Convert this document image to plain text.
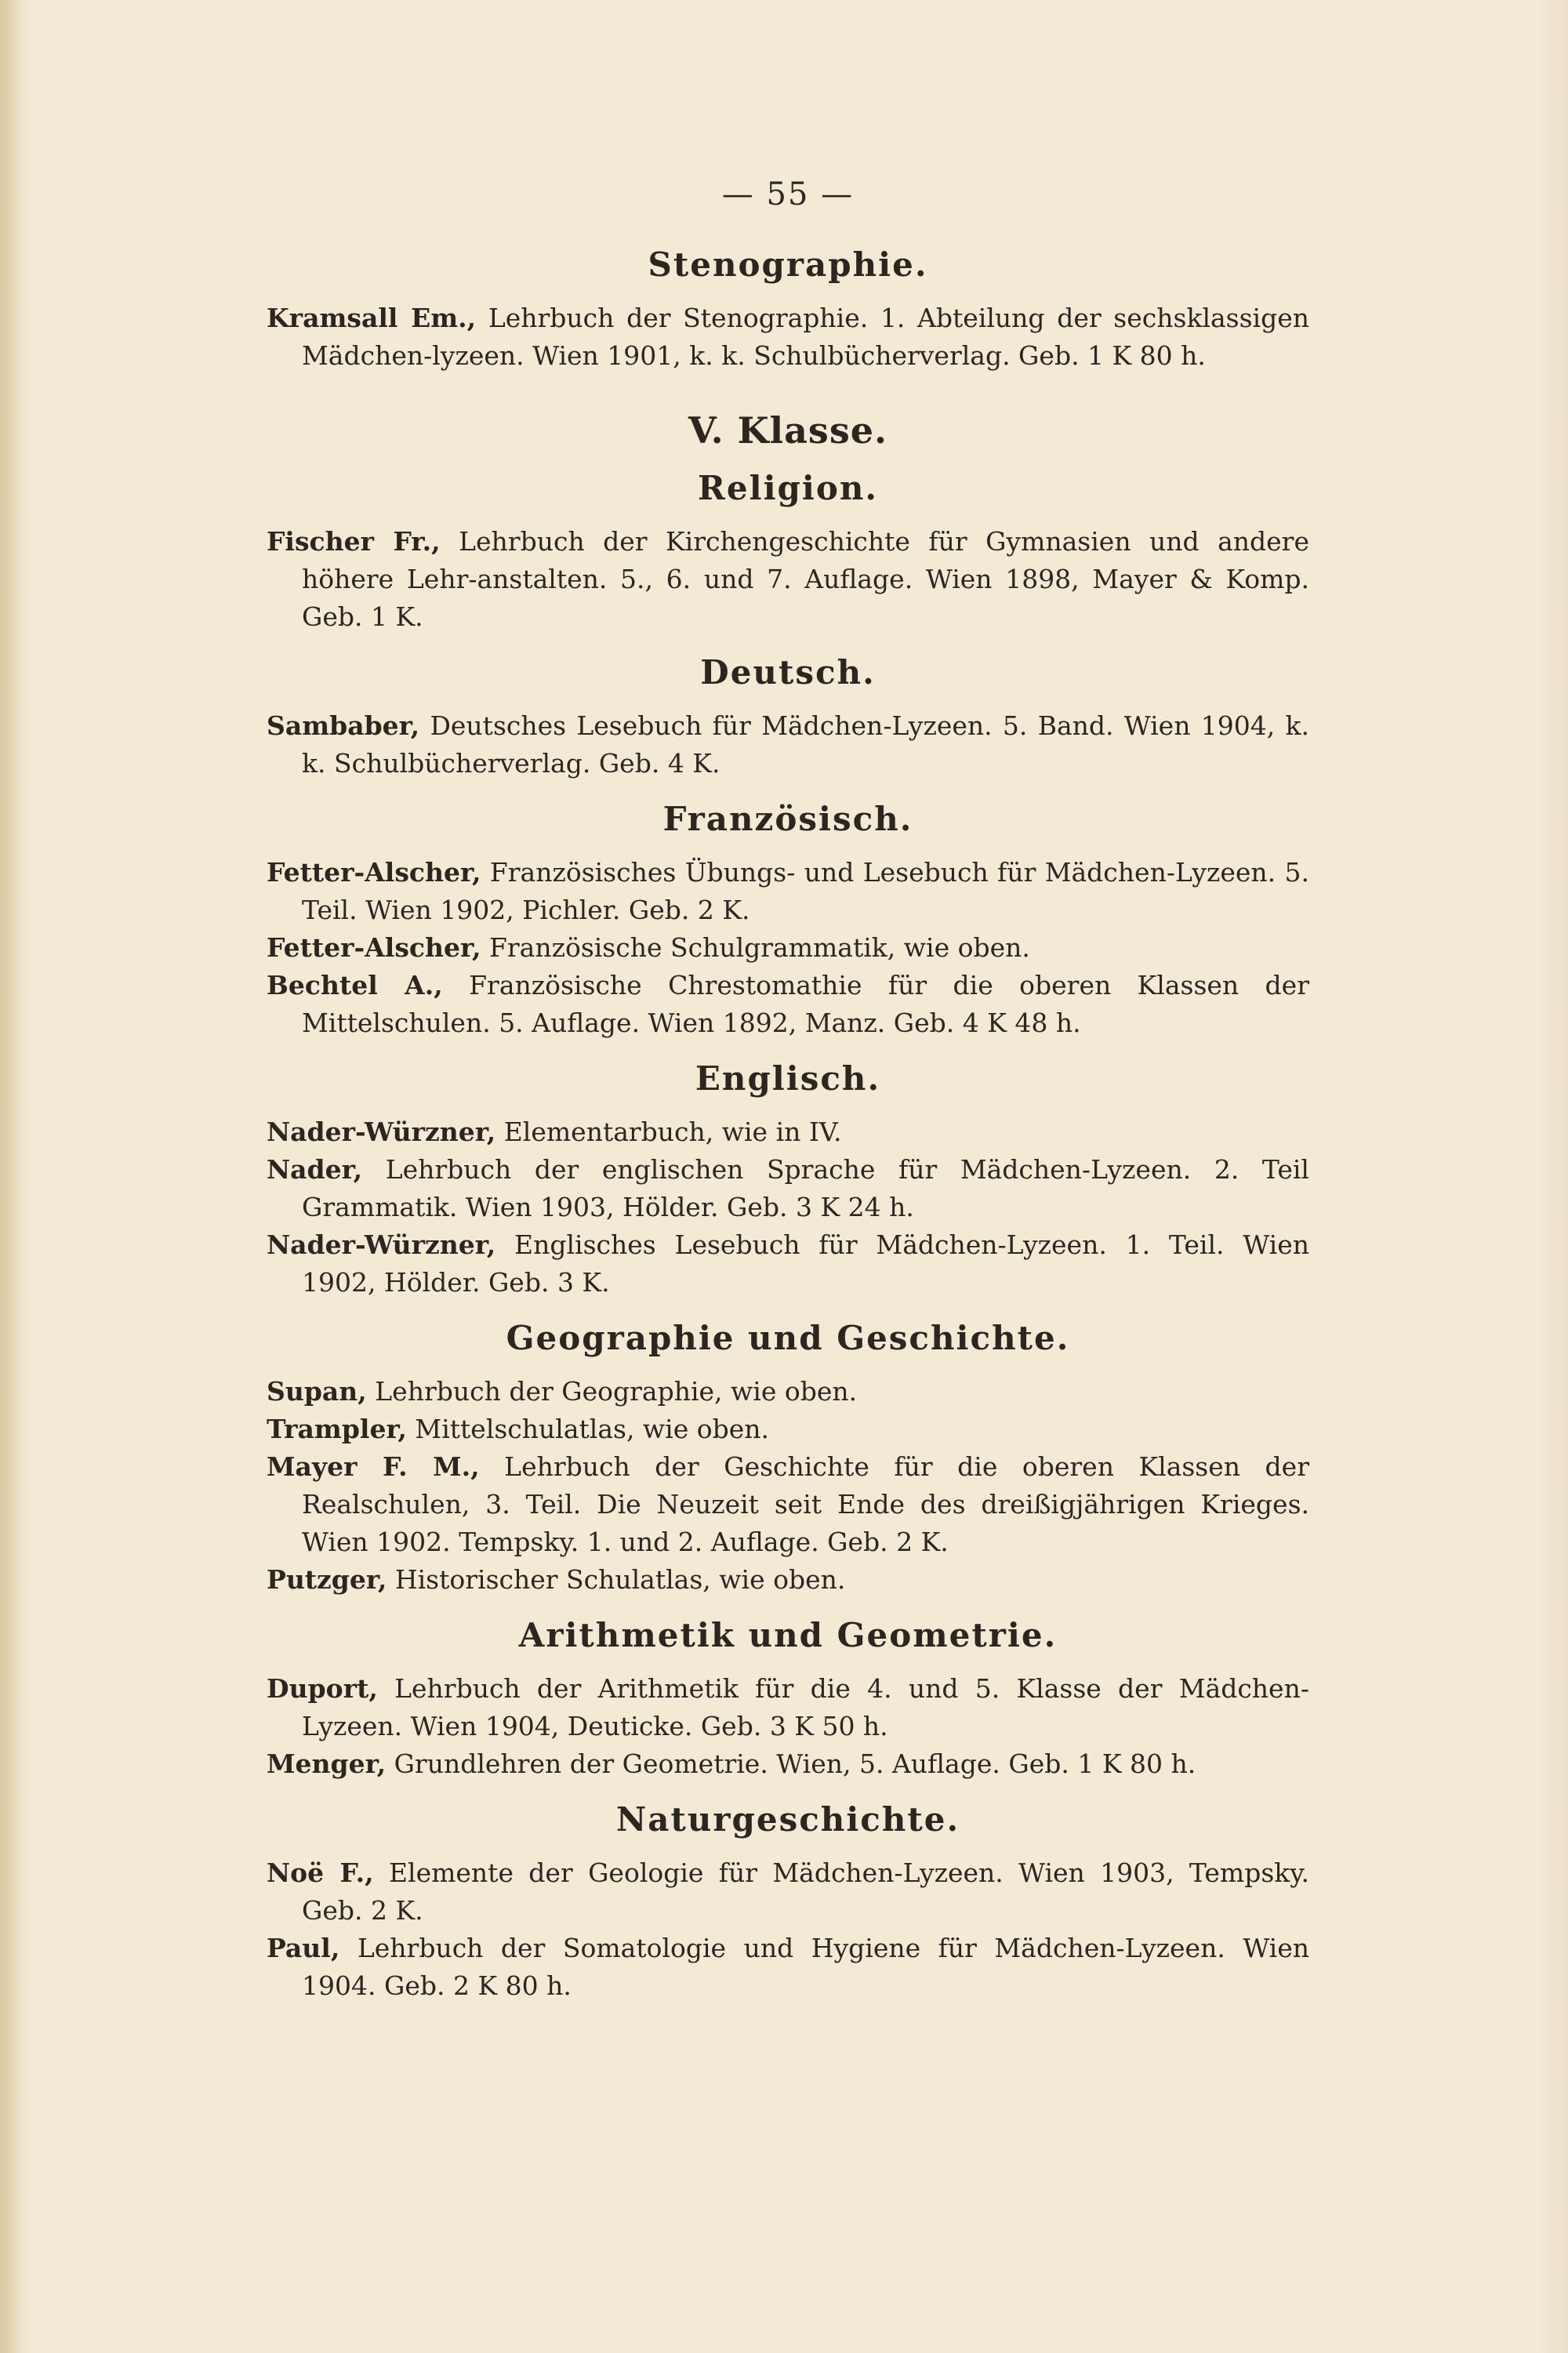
— 55 —
Stenographie.

Kramsall Em., Lehrbuch der Stenographie. 1. Abteilung der sechsklassigen Mädchen-lyzeen. Wien 1901, k. k. Schulbücherverlag. Geb. 1 K 80 h.

V. Klasse.
Religion.

Fischer Fr., Lehrbuch der Kirchengeschichte für Gymnasien und andere höhere Lehr-anstalten. 5., 6. und 7. Auflage. Wien 1898, Mayer & Komp. Geb. 1 K.

Deutsch.

Sambaber, Deutsches Lesebuch für Mädchen-Lyzeen. 5. Band. Wien 1904, k. k. Schulbücherverlag. Geb. 4 K.

Französisch.

Fetter-Alscher, Französisches Übungs- und Lesebuch für Mädchen-Lyzeen. 5. Teil. Wien 1902, Pichler. Geb. 2 K.

Fetter-Alscher, Französische Schulgrammatik, wie oben.

Bechtel A., Französische Chrestomathie für die oberen Klassen der Mittelschulen. 5. Auflage. Wien 1892, Manz. Geb. 4 K 48 h.

Englisch.

Nader-Würzner, Elementarbuch, wie in IV.

Nader, Lehrbuch der englischen Sprache für Mädchen-Lyzeen. 2. Teil Grammatik. Wien 1903, Hölder. Geb. 3 K 24 h.

Nader-Würzner, Englisches Lesebuch für Mädchen-Lyzeen. 1. Teil. Wien 1902, Hölder. Geb. 3 K.

Geographie und Geschichte.

Supan, Lehrbuch der Geographie, wie oben.

Trampler, Mittelschulatlas, wie oben.

Mayer F. M., Lehrbuch der Geschichte für die oberen Klassen der Realschulen, 3. Teil. Die Neuzeit seit Ende des dreißigjährigen Krieges. Wien 1902. Tempsky. 1. und 2. Auflage. Geb. 2 K.

Putzger, Historischer Schulatlas, wie oben.

Arithmetik und Geometrie.

Duport, Lehrbuch der Arithmetik für die 4. und 5. Klasse der Mädchen-Lyzeen. Wien 1904, Deuticke. Geb. 3 K 50 h.

Menger, Grundlehren der Geometrie. Wien, 5. Auflage. Geb. 1 K 80 h.

Naturgeschichte.

Noë F., Elemente der Geologie für Mädchen-Lyzeen. Wien 1903, Tempsky. Geb. 2 K.

Paul, Lehrbuch der Somatologie und Hygiene für Mädchen-Lyzeen. Wien 1904. Geb. 2 K 80 h.
